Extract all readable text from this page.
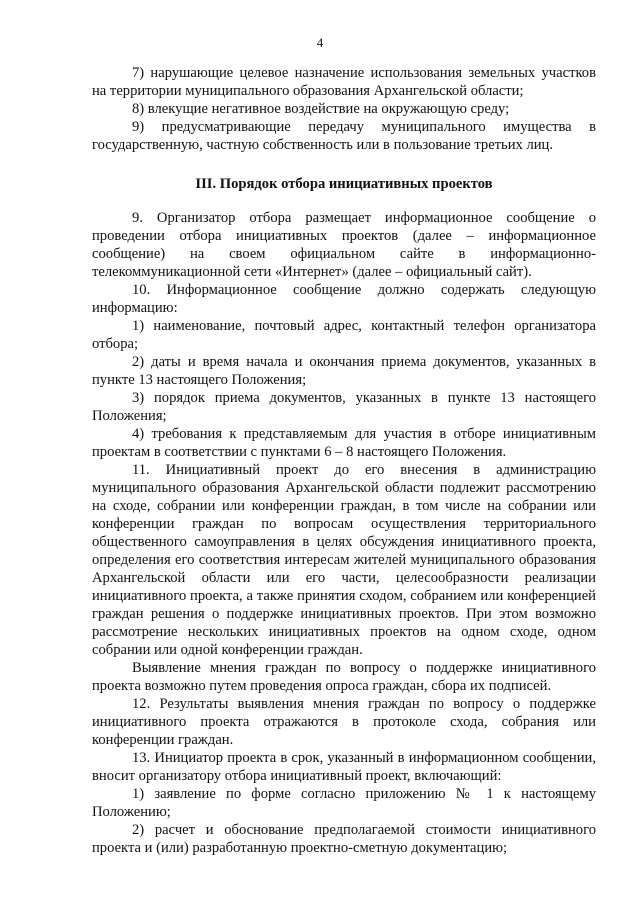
4

7) нарушающие целевое назначение использования земельных участков на территории муниципального образования Архангельской области;

8) влекущие негативное воздействие на окружающую среду;

9) предусматривающие передачу муниципального имущества в государственную, частную собственность или в пользование третьих лиц.

III. Порядок отбора инициативных проектов

9. Организатор отбора размещает информационное сообщение о проведении отбора инициативных проектов (далее – информационное сообщение) на своем официальном сайте в информационно-телекоммуникационной сети «Интернет» (далее – официальный сайт).

10. Информационное сообщение должно содержать следующую информацию:

1) наименование, почтовый адрес, контактный телефон организатора отбора;

2) даты и время начала и окончания приема документов, указанных в пункте 13 настоящего Положения;

3) порядок приема документов, указанных в пункте 13 настоящего Положения;

4) требования к представляемым для участия в отборе инициативным проектам в соответствии с пунктами 6 – 8 настоящего Положения.

11. Инициативный проект до его внесения в администрацию муниципального образования Архангельской области подлежит рассмотрению на сходе, собрании или конференции граждан, в том числе на собрании или конференции граждан по вопросам осуществления территориального общественного самоуправления в целях обсуждения инициативного проекта, определения его соответствия интересам жителей муниципального образования Архангельской области или его части, целесообразности реализации инициативного проекта, а также принятия сходом, собранием или конференцией граждан решения о поддержке инициативных проектов. При этом возможно рассмотрение нескольких инициативных проектов на одном сходе, одном собрании или одной конференции граждан.

Выявление мнения граждан по вопросу о поддержке инициативного проекта возможно путем проведения опроса граждан, сбора их подписей.

12. Результаты выявления мнения граждан по вопросу о поддержке инициативного проекта отражаются в протоколе схода, собрания или конференции граждан.

13. Инициатор проекта в срок, указанный в информационном сообщении, вносит организатору отбора инициативный проект, включающий:

1) заявление по форме согласно приложению № 1 к настоящему Положению;

2) расчет и обоснование предполагаемой стоимости инициативного проекта и (или) разработанную проектно-сметную документацию;
